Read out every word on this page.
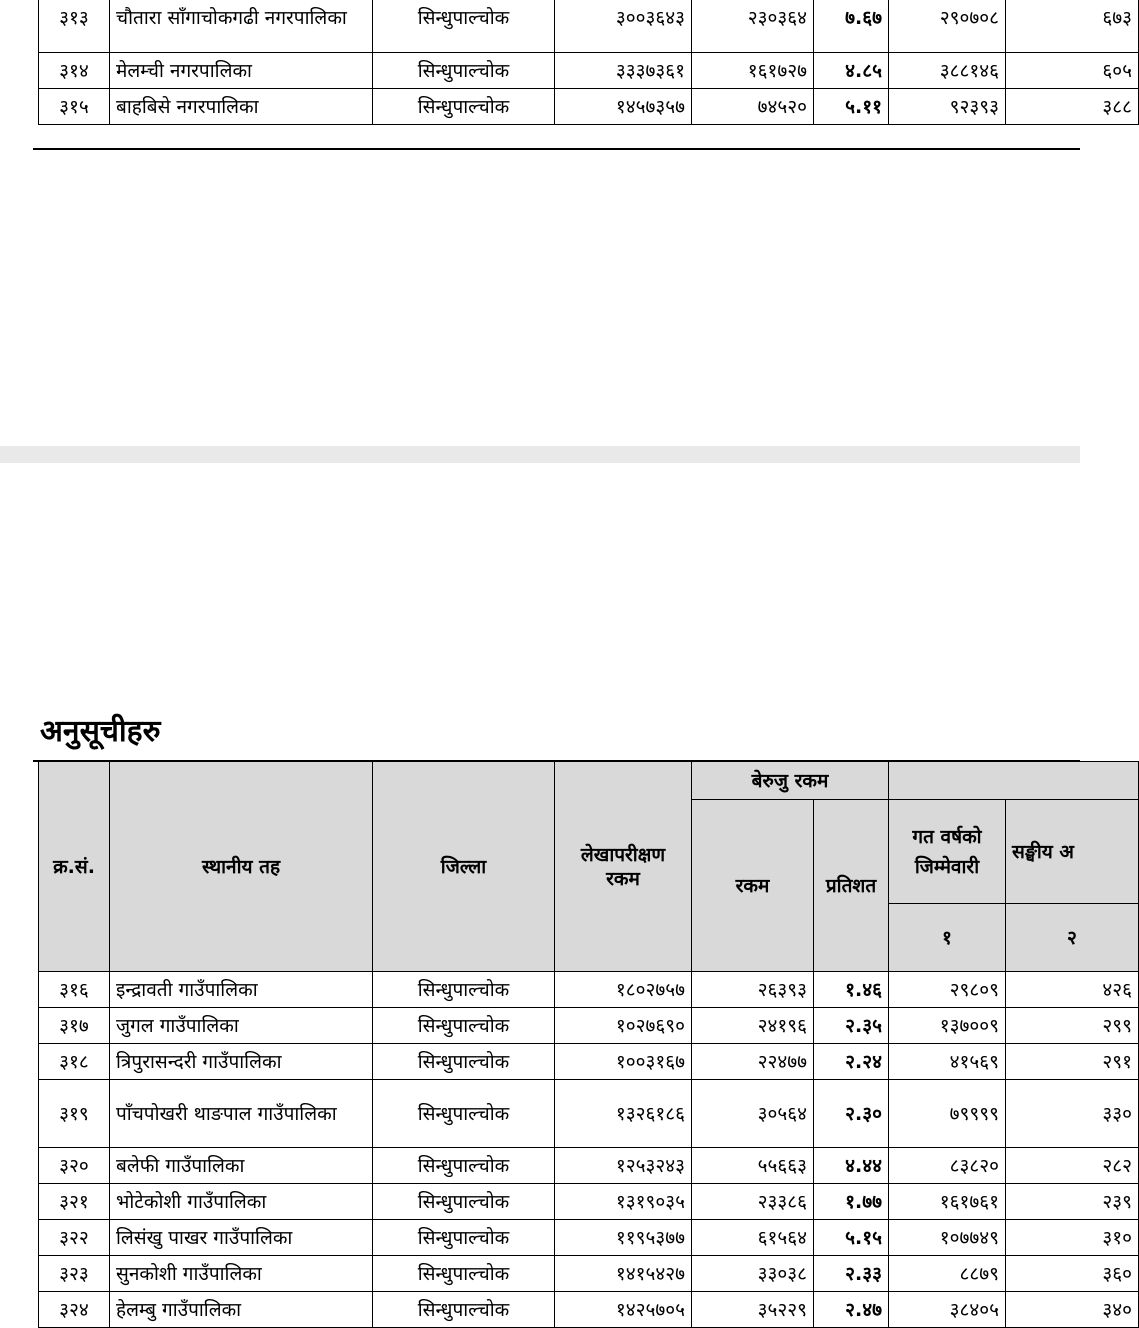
३१३	चौतारा साँगाचोकगढी नगरपालिका	सिन्धुपाल्चोक	३००३६४३	२३०३६४	७.६७	२९०७०८	६७३
३१४	मेलम्ची नगरपालिका	सिन्धुपाल्चोक	३३३७३६१	१६१७२७	४.८५	३८८१४६	६०५
३१५	बाहबिसे नगरपालिका	सिन्धुपाल्चोक	१४५७३५७	७४५२०	५.११	९२३९३	३८८
अनुसूचीहरु
क्र.सं.	स्थानीय तह	जिल्ला	लेखापरीक्षण रकम	बेरुजु रकम			
				रकम	प्रतिशत	गत वर्षको जिम्मेवारी	सङ्घीय अ
						१	२
३१६	इन्द्रावती गाउँपालिका	सिन्धुपाल्चोक	१८०२७५७	२६३९३	१.४६	२९८०९	४२६
३१७	जुगल गाउँपालिका	सिन्धुपाल्चोक	१०२७६९०	२४१९६	२.३५	१३७००९	२९९
३१८	त्रिपुरासन्दरी गाउँपालिका	सिन्धुपाल्चोक	१००३१६७	२२४७७	२.२४	४१५६९	२९१
३१९	पाँचपोखरी थाङपाल गाउँपालिका	सिन्धुपाल्चोक	१३२६१८६	३०५६४	२.३०	७९९९९	३३०
३२०	बलेफी गाउँपालिका	सिन्धुपाल्चोक	१२५३२४३	५५६६३	४.४४	८३८२०	२८२
३२१	भोटेकोशी गाउँपालिका	सिन्धुपाल्चोक	१३१९०३५	२३३८६	१.७७	१६१७६१	२३९
३२२	लिसंखु पाखर गाउँपालिका	सिन्धुपाल्चोक	११९५३७७	६१५६४	५.१५	१०७७४९	३१०
३२३	सुनकोशी गाउँपालिका	सिन्धुपाल्चोक	१४१५४२७	३३०३८	२.३३	८८७९	३६०
३२४	हेलम्बु गाउँपालिका	सिन्धुपाल्चोक	१४२५७०५	३५२२९	२.४७	३८४०५	३४०
